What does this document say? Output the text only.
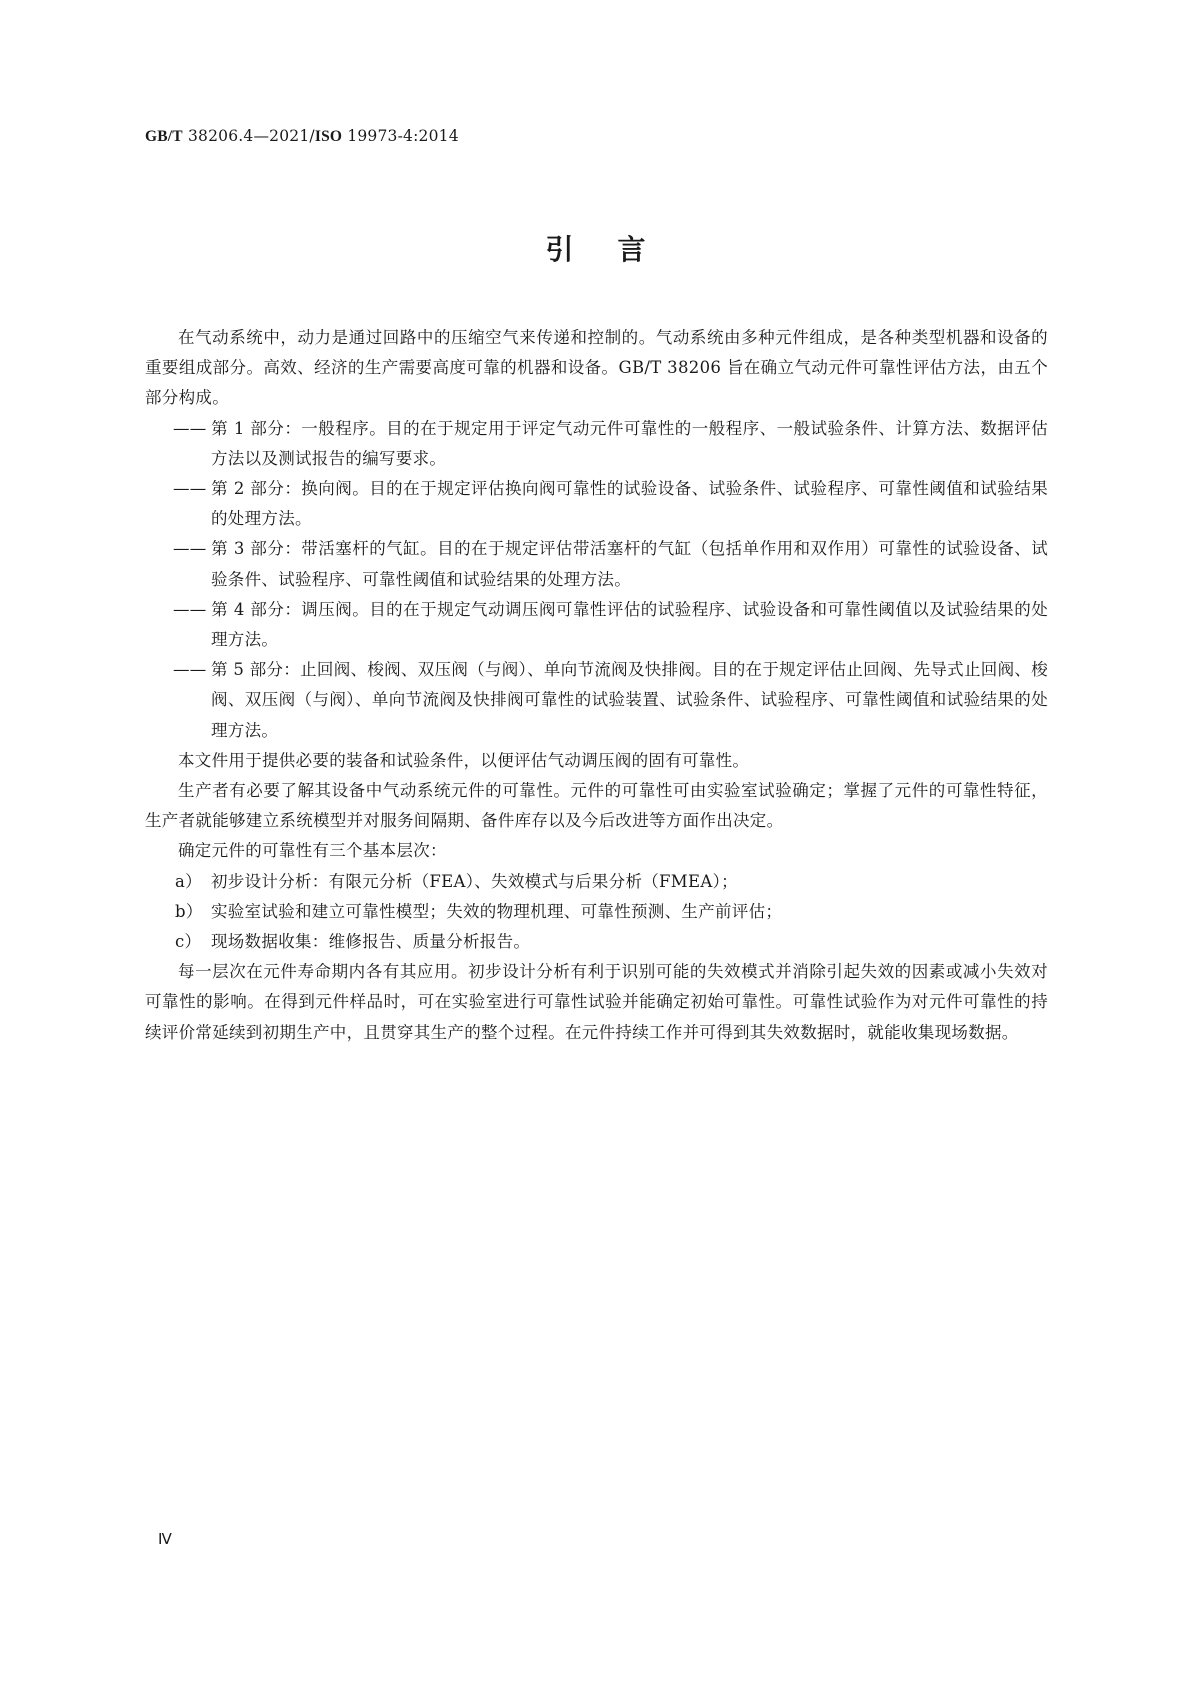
GB/T 38206.4—2021/ISO 19973-4:2014
引言

在气动系统中，动力是通过回路中的压缩空气来传递和控制的。气动系统由多种元件组成，是各种类型机器和设备的重要组成部分。高效、经济的生产需要高度可靠的机器和设备。GB/T 38206 旨在确立气动元件可靠性评估方法，由五个部分构成。

—— 第 1 部分：一般程序。目的在于规定用于评定气动元件可靠性的一般程序、一般试验条件、计算方法、数据评估方法以及测试报告的编写要求。

—— 第 2 部分：换向阀。目的在于规定评估换向阀可靠性的试验设备、试验条件、试验程序、可靠性阈值和试验结果的处理方法。

—— 第 3 部分：带活塞杆的气缸。目的在于规定评估带活塞杆的气缸（包括单作用和双作用）可靠性的试验设备、试验条件、试验程序、可靠性阈值和试验结果的处理方法。

—— 第 4 部分：调压阀。目的在于规定气动调压阀可靠性评估的试验程序、试验设备和可靠性阈值以及试验结果的处理方法。

—— 第 5 部分：止回阀、梭阀、双压阀（与阀）、单向节流阀及快排阀。目的在于规定评估止回阀、先导式止回阀、梭阀、双压阀（与阀）、单向节流阀及快排阀可靠性的试验装置、试验条件、试验程序、可靠性阈值和试验结果的处理方法。

本文件用于提供必要的装备和试验条件，以便评估气动调压阀的固有可靠性。

生产者有必要了解其设备中气动系统元件的可靠性。元件的可靠性可由实验室试验确定；掌握了元件的可靠性特征，生产者就能够建立系统模型并对服务间隔期、备件库存以及今后改进等方面作出决定。

确定元件的可靠性有三个基本层次：

a） 初步设计分析：有限元分析（FEA）、失效模式与后果分析（FMEA）；

b） 实验室试验和建立可靠性模型；失效的物理机理、可靠性预测、生产前评估；

c） 现场数据收集：维修报告、质量分析报告。

每一层次在元件寿命期内各有其应用。初步设计分析有利于识别可能的失效模式并消除引起失效的因素或减小失效对可靠性的影响。在得到元件样品时，可在实验室进行可靠性试验并能确定初始可靠性。可靠性试验作为对元件可靠性的持续评价常延续到初期生产中，且贯穿其生产的整个过程。在元件持续工作并可得到其失效数据时，就能收集现场数据。

Ⅳ
